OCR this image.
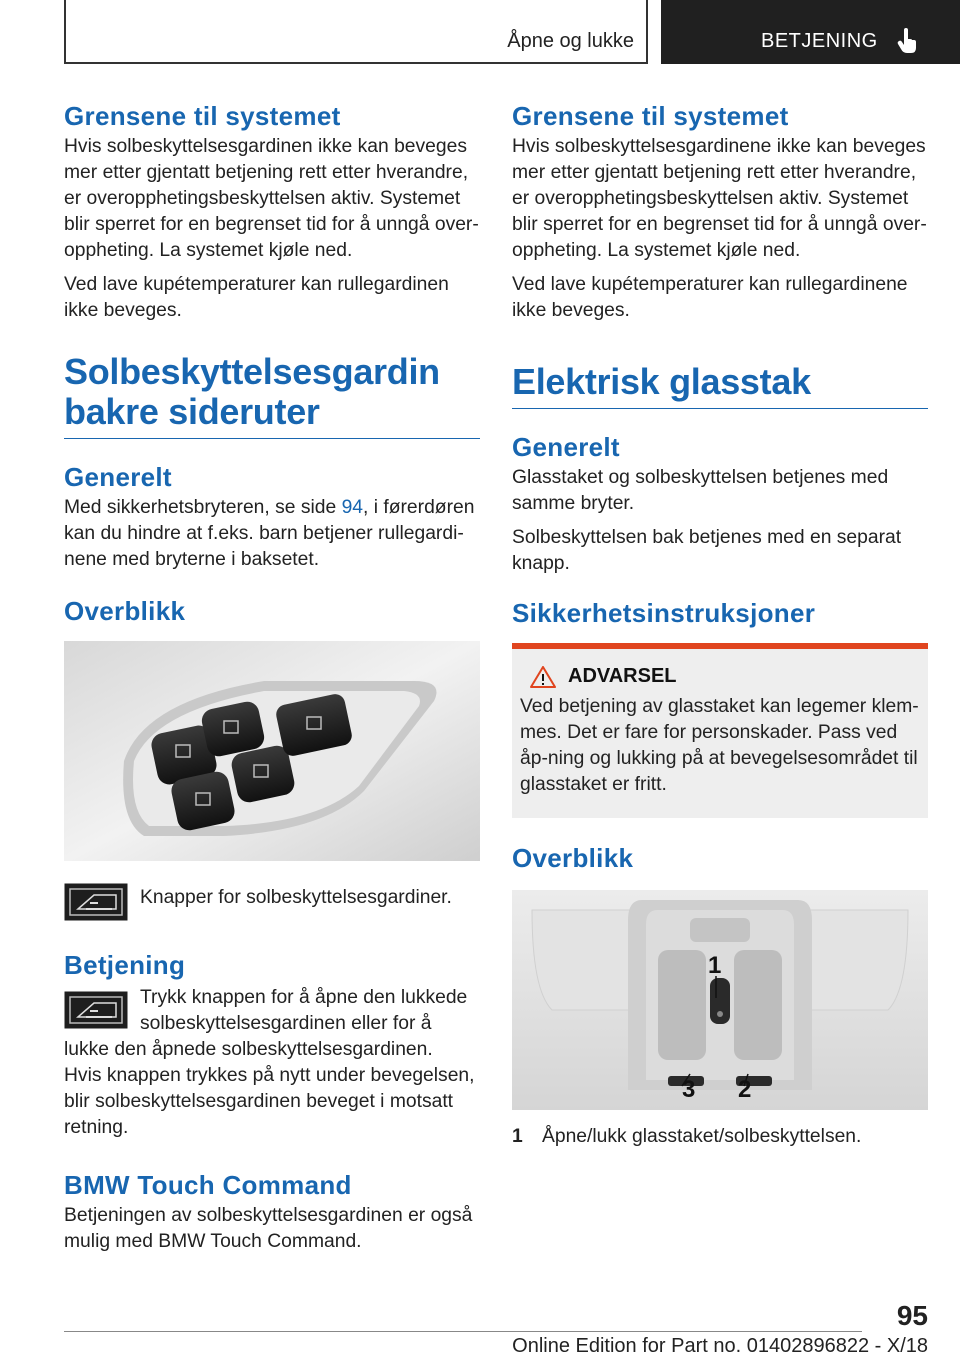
Åpne og lukke	BETJENING
Grensene til systemet

Hvis solbeskyttelsesgardinen ikke kan beveges mer etter gjentatt betjening rett etter hverandre, er overopphetingsbeskyttelsen aktiv. Systemet blir sperret for en begrenset tid for å unngå over-oppheting. La systemet kjøle ned.

Ved lave kupétemperaturer kan rullegardinen ikke beveges.

Solbeskyttelsesgardin
bakre sideruter
Generelt

Med sikkerhetsbryteren, se side 94, i førerdøren kan du hindre at f.eks. barn betjener rullegardi-nene med bryterne i baksetet.

Overblikk

Knapper for solbeskyttelsesgardiner.

Betjening

Trykk knappen for å åpne den lukkede solbeskyttelsesgardinen eller for å lukke den åpnede solbeskyttelsesgardinen.

Hvis knappen trykkes på nytt under bevegelsen, blir solbeskyttelsesgardinen beveget i motsatt retning.

BMW Touch Command

Betjeningen av solbeskyttelsesgardinen er også mulig med BMW Touch Command.

Grensene til systemet

Hvis solbeskyttelsesgardinene ikke kan beveges mer etter gjentatt betjening rett etter hverandre, er overopphetingsbeskyttelsen aktiv. Systemet blir sperret for en begrenset tid for å unngå over-oppheting. La systemet kjøle ned.

Ved lave kupétemperaturer kan rullegardinene ikke beveges.

Elektrisk glasstak
Generelt

Glasstaket og solbeskyttelsen betjenes med samme bryter.

Solbeskyttelsen bak betjenes med en separat knapp.

Sikkerhetsinstruksjoner
ADVARSEL

Ved betjening av glasstaket kan legemer klem-mes. Det er fare for personskader. Pass ved åp-ning og lukking på at bevegelsesområdet til glasstaket er fritt.

Overblikk
1
3 2
1 Åpne/lukk glasstaket/solbeskyttelsen.
95
Online Edition for Part no. 01402896822 - X/18
